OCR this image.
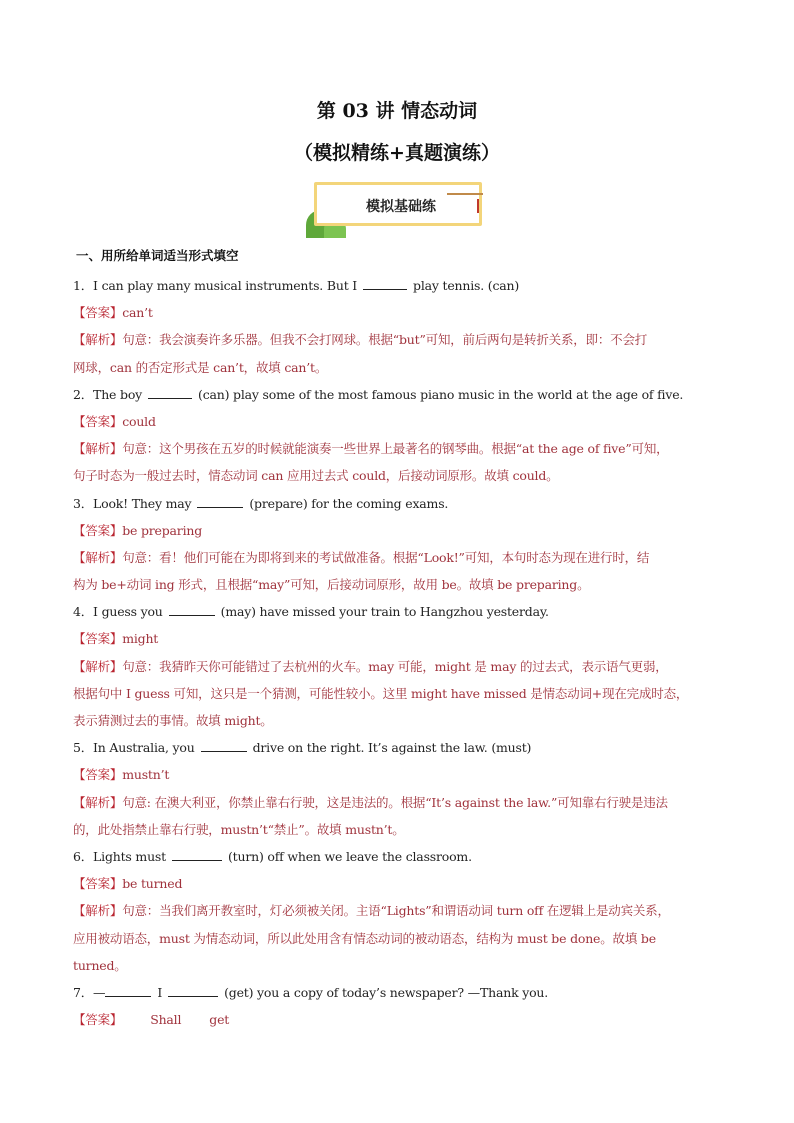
第 03 讲 情态动词
（模拟精练+真题演练）
模拟基础练
一、用所给单词适当形式填空
1．I can play many musical instruments. But I	play tennis. (can)
【答案】can’t
【解析】句意：我会演奏许多乐器。但我不会打网球。根据“but”可知，前后两句是转折关系，即：不会打
网球，can 的否定形式是 can’t，故填 can’t。
2．The boy	(can) play some of the most famous piano music in the world at the age of five.
【答案】could
【解析】句意：这个男孩在五岁的时候就能演奏一些世界上最著名的钢琴曲。根据“at the age of five”可知，
句子时态为一般过去时，情态动词 can 应用过去式 could，后接动词原形。故填 could。
3．Look! They may	(prepare) for the coming exams.
【答案】be preparing
【解析】句意：看！他们可能在为即将到来的考试做准备。根据“Look!”可知，本句时态为现在进行时，结
构为 be+动词 ing 形式，且根据“may”可知，后接动词原形，故用 be。故填 be preparing。
4．I guess you	(may) have missed your train to Hangzhou yesterday.
【答案】might
【解析】句意：我猜昨天你可能错过了去杭州的火车。may 可能，might 是 may 的过去式，表示语气更弱，
根据句中 I guess 可知，这只是一个猜测，可能性较小。这里 might have missed 是情态动词+现在完成时态，
表示猜测过去的事情。故填 might。
5．In Australia, you	drive on the right. It’s against the law. (must)
【答案】mustn’t
【解析】句意: 在澳大利亚，你禁止靠右行驶，这是违法的。根据“It’s against the law.”可知靠右行驶是违法
的，此处指禁止靠右行驶，mustn’t“禁止”。故填 mustn’t。
6．Lights must	(turn) off when we leave the classroom.
【答案】be turned
【解析】句意：当我们离开教室时，灯必须被关闭。主语“Lights”和谓语动词 turn off 在逻辑上是动宾关系，
应用被动语态，must 为情态动词，所以此处用含有情态动词的被动语态，结构为 must be done。故填 be
turned。
7．—	I	(get) you a copy of today’s newspaper? —Thank you.
【答案】 Shall get
